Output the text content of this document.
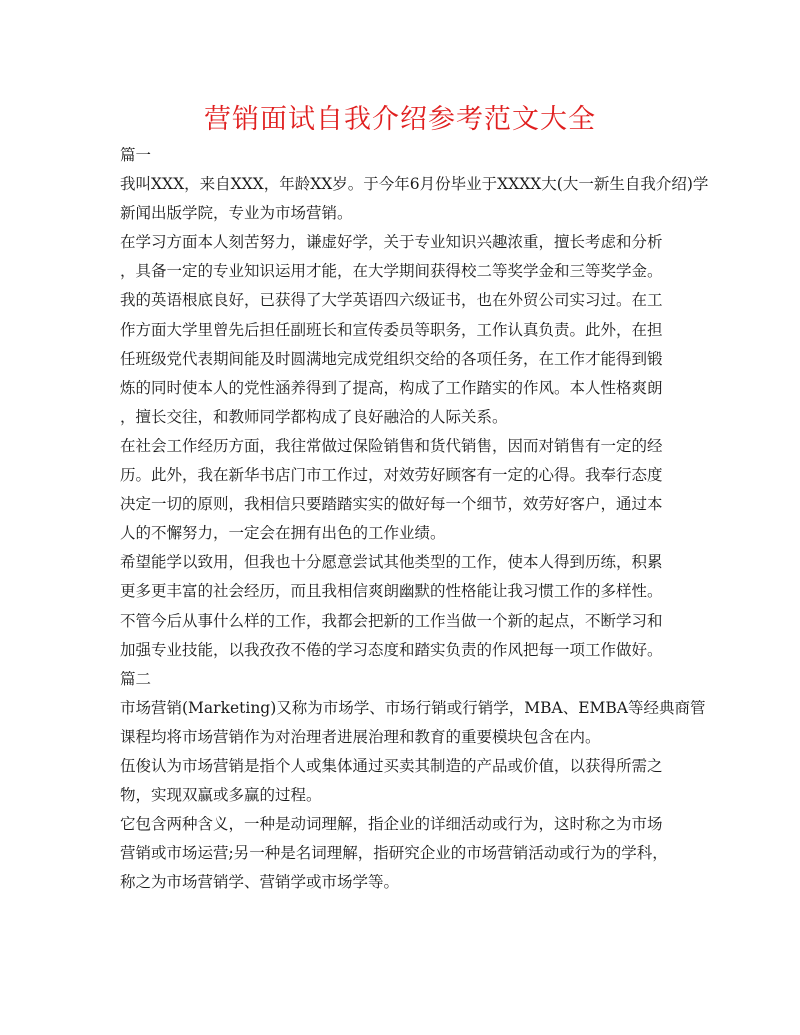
营销面试自我介绍参考范文大全
篇一
我叫XXX，来自XXX，年龄XX岁。于今年6月份毕业于XXXX大(大一新生自我介绍)学
新闻出版学院，专业为市场营销。
在学习方面本人刻苦努力，谦虚好学，关于专业知识兴趣浓重，擅长考虑和分析
，具备一定的专业知识运用才能，在大学期间获得校二等奖学金和三等奖学金。
我的英语根底良好，已获得了大学英语四六级证书，也在外贸公司实习过。在工
作方面大学里曾先后担任副班长和宣传委员等职务，工作认真负责。此外，在担
任班级党代表期间能及时圆满地完成党组织交给的各项任务，在工作才能得到锻
炼的同时使本人的党性涵养得到了提高，构成了工作踏实的作风。本人性格爽朗
，擅长交往，和教师同学都构成了良好融洽的人际关系。
在社会工作经历方面，我往常做过保险销售和货代销售，因而对销售有一定的经
历。此外，我在新华书店门市工作过，对效劳好顾客有一定的心得。我奉行态度
决定一切的原则，我相信只要踏踏实实的做好每一个细节，效劳好客户，通过本
人的不懈努力，一定会在拥有出色的工作业绩。
希望能学以致用，但我也十分愿意尝试其他类型的工作，使本人得到历练，积累
更多更丰富的社会经历，而且我相信爽朗幽默的性格能让我习惯工作的多样性。
不管今后从事什么样的工作，我都会把新的工作当做一个新的起点，不断学习和
加强专业技能，以我孜孜不倦的学习态度和踏实负责的作风把每一项工作做好。
篇二
市场营销(Marketing)又称为市场学、市场行销或行销学，MBA、EMBA等经典商管
课程均将市场营销作为对治理者进展治理和教育的重要模块包含在内。
伍俊认为市场营销是指个人或集体通过买卖其制造的产品或价值，以获得所需之
物，实现双赢或多赢的过程。
它包含两种含义，一种是动词理解，指企业的详细活动或行为，这时称之为市场
营销或市场运营;另一种是名词理解，指研究企业的市场营销活动或行为的学科，
称之为市场营销学、营销学或市场学等。
